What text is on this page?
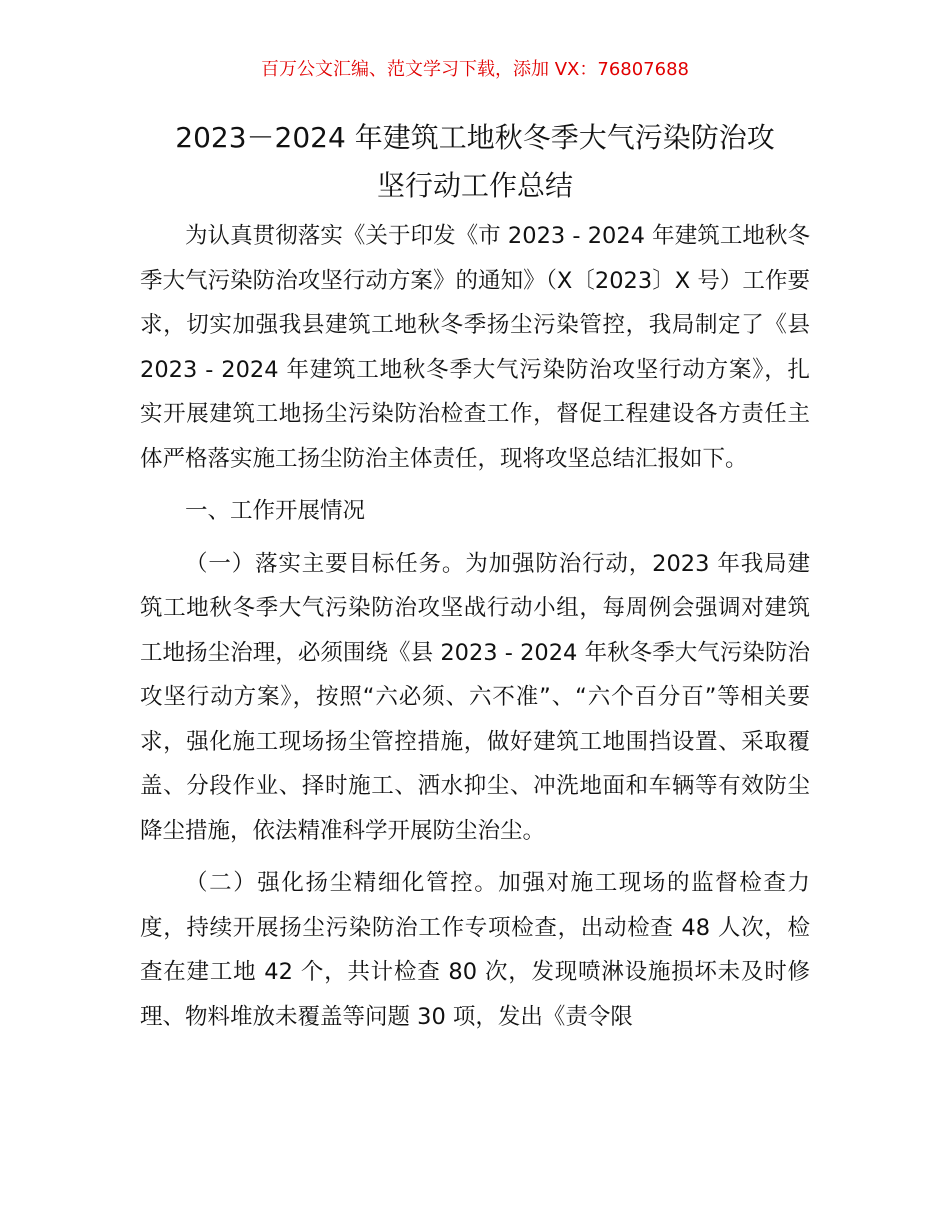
百万公文汇编、范文学习下载，添加 VX：76807688

2023－2024 年建筑工地秋冬季大气污染防治攻
坚行动工作总结

为认真贯彻落实《关于印发《市 2023 - 2024 年建筑工地秋冬季大气污染防治攻坚行动方案》的通知》（X〔2023〕X 号）工作要求，切实加强我县建筑工地秋冬季扬尘污染管控，我局制定了《县 2023 - 2024 年建筑工地秋冬季大气污染防治攻坚行动方案》，扎实开展建筑工地扬尘污染防治检查工作，督促工程建设各方责任主体严格落实施工扬尘防治主体责任，现将攻坚总结汇报如下。

一、工作开展情况

（一）落实主要目标任务。为加强防治行动，2023 年我局建筑工地秋冬季大气污染防治攻坚战行动小组，每周例会强调对建筑工地扬尘治理，必须围绕《县 2023 - 2024 年秋冬季大气污染防治攻坚行动方案》，按照“六必须、六不准”、“六个百分百”等相关要求，强化施工现场扬尘管控措施，做好建筑工地围挡设置、采取覆盖、分段作业、择时施工、洒水抑尘、冲洗地面和车辆等有效防尘降尘措施，依法精准科学开展防尘治尘。

（二）强化扬尘精细化管控。加强对施工现场的监督检查力度，持续开展扬尘污染防治工作专项检查，出动检查 48 人次，检查在建工地 42 个，共计检查 80 次，发现喷淋设施损坏未及时修理、物料堆放未覆盖等问题 30 项，发出《责令限
